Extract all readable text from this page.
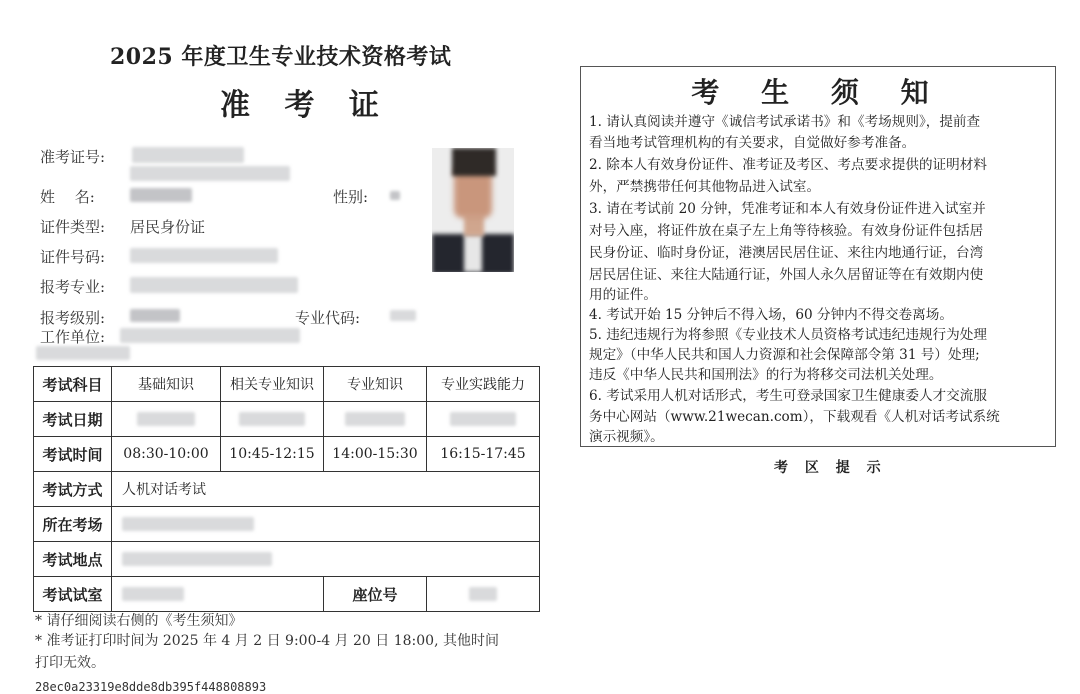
2025 年度卫生专业技术资格考试
准 考 证
准考证号:
姓　 名:	性别:
证件类型: 居民身份证
证件号码:
报考专业:
报考级别:	专业代码:
工作单位:
考试科目	基础知识	相关专业知识	专业知识	专业实践能力
考试日期				
考试时间	08:30-10:00	10:45-12:15	14:00-15:30	16:15-17:45
考试方式	人机对话考试			
所在考场				
考试地点				
考试试室			座位号	
* 请仔细阅读右侧的《考生须知》
* 准考证打印时间为 2025 年 4 月 2 日 9:00-4 月 20 日 18:00, 其他时间
打印无效。
28ec0a23319e8dde8db395f448808893
考 生 须 知
1. 请认真阅读并遵守《诚信考试承诺书》和《考场规则》，提前查
看当地考试管理机构的有关要求，自觉做好参考准备。
2. 除本人有效身份证件、准考证及考区、考点要求提供的证明材料
外，严禁携带任何其他物品进入试室。
3. 请在考试前 20 分钟，凭准考证和本人有效身份证件进入试室并
对号入座，将证件放在桌子左上角等待核验。有效身份证件包括居
民身份证、临时身份证，港澳居民居住证、来往内地通行证，台湾
居民居住证、来往大陆通行证，外国人永久居留证等在有效期内使
用的证件。
4. 考试开始 15 分钟后不得入场，60 分钟内不得交卷离场。
5. 违纪违规行为将参照《专业技术人员资格考试违纪违规行为处理
规定》（中华人民共和国人力资源和社会保障部令第 31 号）处理;
违反《中华人民共和国刑法》的行为将移交司法机关处理。
6. 考试采用人机对话形式，考生可登录国家卫生健康委人才交流服
务中心网站（www.21wecan.com），下载观看《人机对话考试系统
演示视频》。
考 区 提 示
